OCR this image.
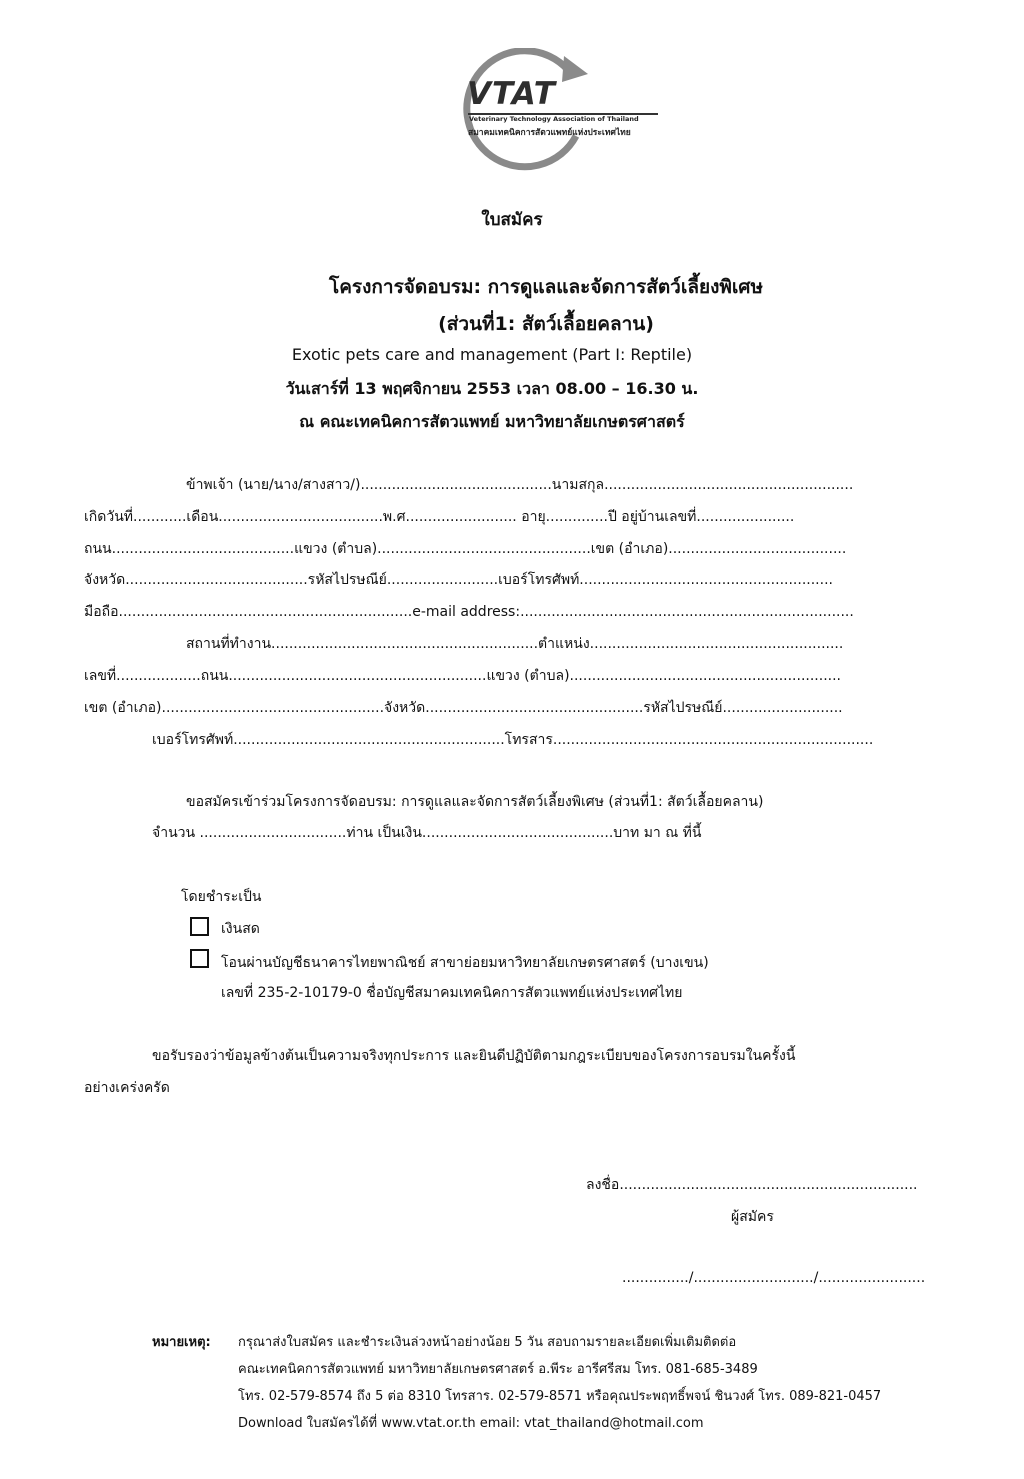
VTAT
Veterinary Technology Association of Thailand
สมาคมเทคนิคการสัตวแพทย์แห่งประเทศไทย
ใบสมัคร
โครงการจัดอบรม: การดูแลและจัดการสัตว์เลี้ยงพิเศษ
(ส่วนที่1: สัตว์เลื้อยคลาน)
Exotic pets care and management (Part I: Reptile)
วันเสาร์ที่ 13 พฤศจิกายน 2553 เวลา 08.00 – 16.30 น.
ณ คณะเทคนิคการสัตวแพทย์ มหาวิทยาลัยเกษตรศาสตร์
ข้าพเจ้า (นาย/นาง/สางสาว/)...........................................นามสกุล........................................................
เกิดวันที่............เดือน.....................................พ.ศ......................... อายุ..............ปี อยู่บ้านเลขที่......................
ถนน.........................................แขวง (ตำบล)................................................เขต (อำเภอ)........................................
จังหวัด.........................................รหัสไปรษณีย์.........................เบอร์โทรศัพท์.........................................................
มือถือ..................................................................e-mail address:...........................................................................
สถานที่ทำงาน............................................................ตำแหน่ง.........................................................
เลขที่...................ถนน..........................................................แขวง (ตำบล).............................................................
เขต (อำเภอ)..................................................จังหวัด.................................................รหัสไปรษณีย์...........................
เบอร์โทรศัพท์.............................................................โทรสาร........................................................................
ขอสมัครเข้าร่วมโครงการจัดอบรม: การดูแลและจัดการสัตว์เลี้ยงพิเศษ (ส่วนที่1: สัตว์เลื้อยคลาน)
จำนวน .................................ท่าน เป็นเงิน...........................................บาท มา ณ ที่นี้
โดยชำระเป็น
เงินสด
โอนผ่านบัญชีธนาคารไทยพาณิชย์ สาขาย่อยมหาวิทยาลัยเกษตรศาสตร์ (บางเขน)
เลขที่ 235-2-10179-0 ชื่อบัญชีสมาคมเทคนิคการสัตวแพทย์แห่งประเทศไทย
ขอรับรองว่าข้อมูลข้างต้นเป็นความจริงทุกประการ และยินดีปฏิบัติตามกฎระเบียบของโครงการอบรมในครั้งนี้
อย่างเคร่งครัด
ลงชื่อ...................................................................
ผู้สมัคร
.............../.........................../........................
หมายเหตุ: กรุณาส่งใบสมัคร และชำระเงินล่วงหน้าอย่างน้อย 5 วัน สอบถามรายละเอียดเพิ่มเติมติดต่อ
คณะเทคนิคการสัตวแพทย์ มหาวิทยาลัยเกษตรศาสตร์ อ.พีระ อารีศรีสม โทร. 081-685-3489
โทร. 02-579-8574 ถึง 5 ต่อ 8310 โทรสาร. 02-579-8571 หรือคุณประพฤทธิ์พจน์ ชินวงศ์ โทร. 089-821-0457
Download ใบสมัครได้ที่ www.vtat.or.th email: vtat_thailand@hotmail.com
